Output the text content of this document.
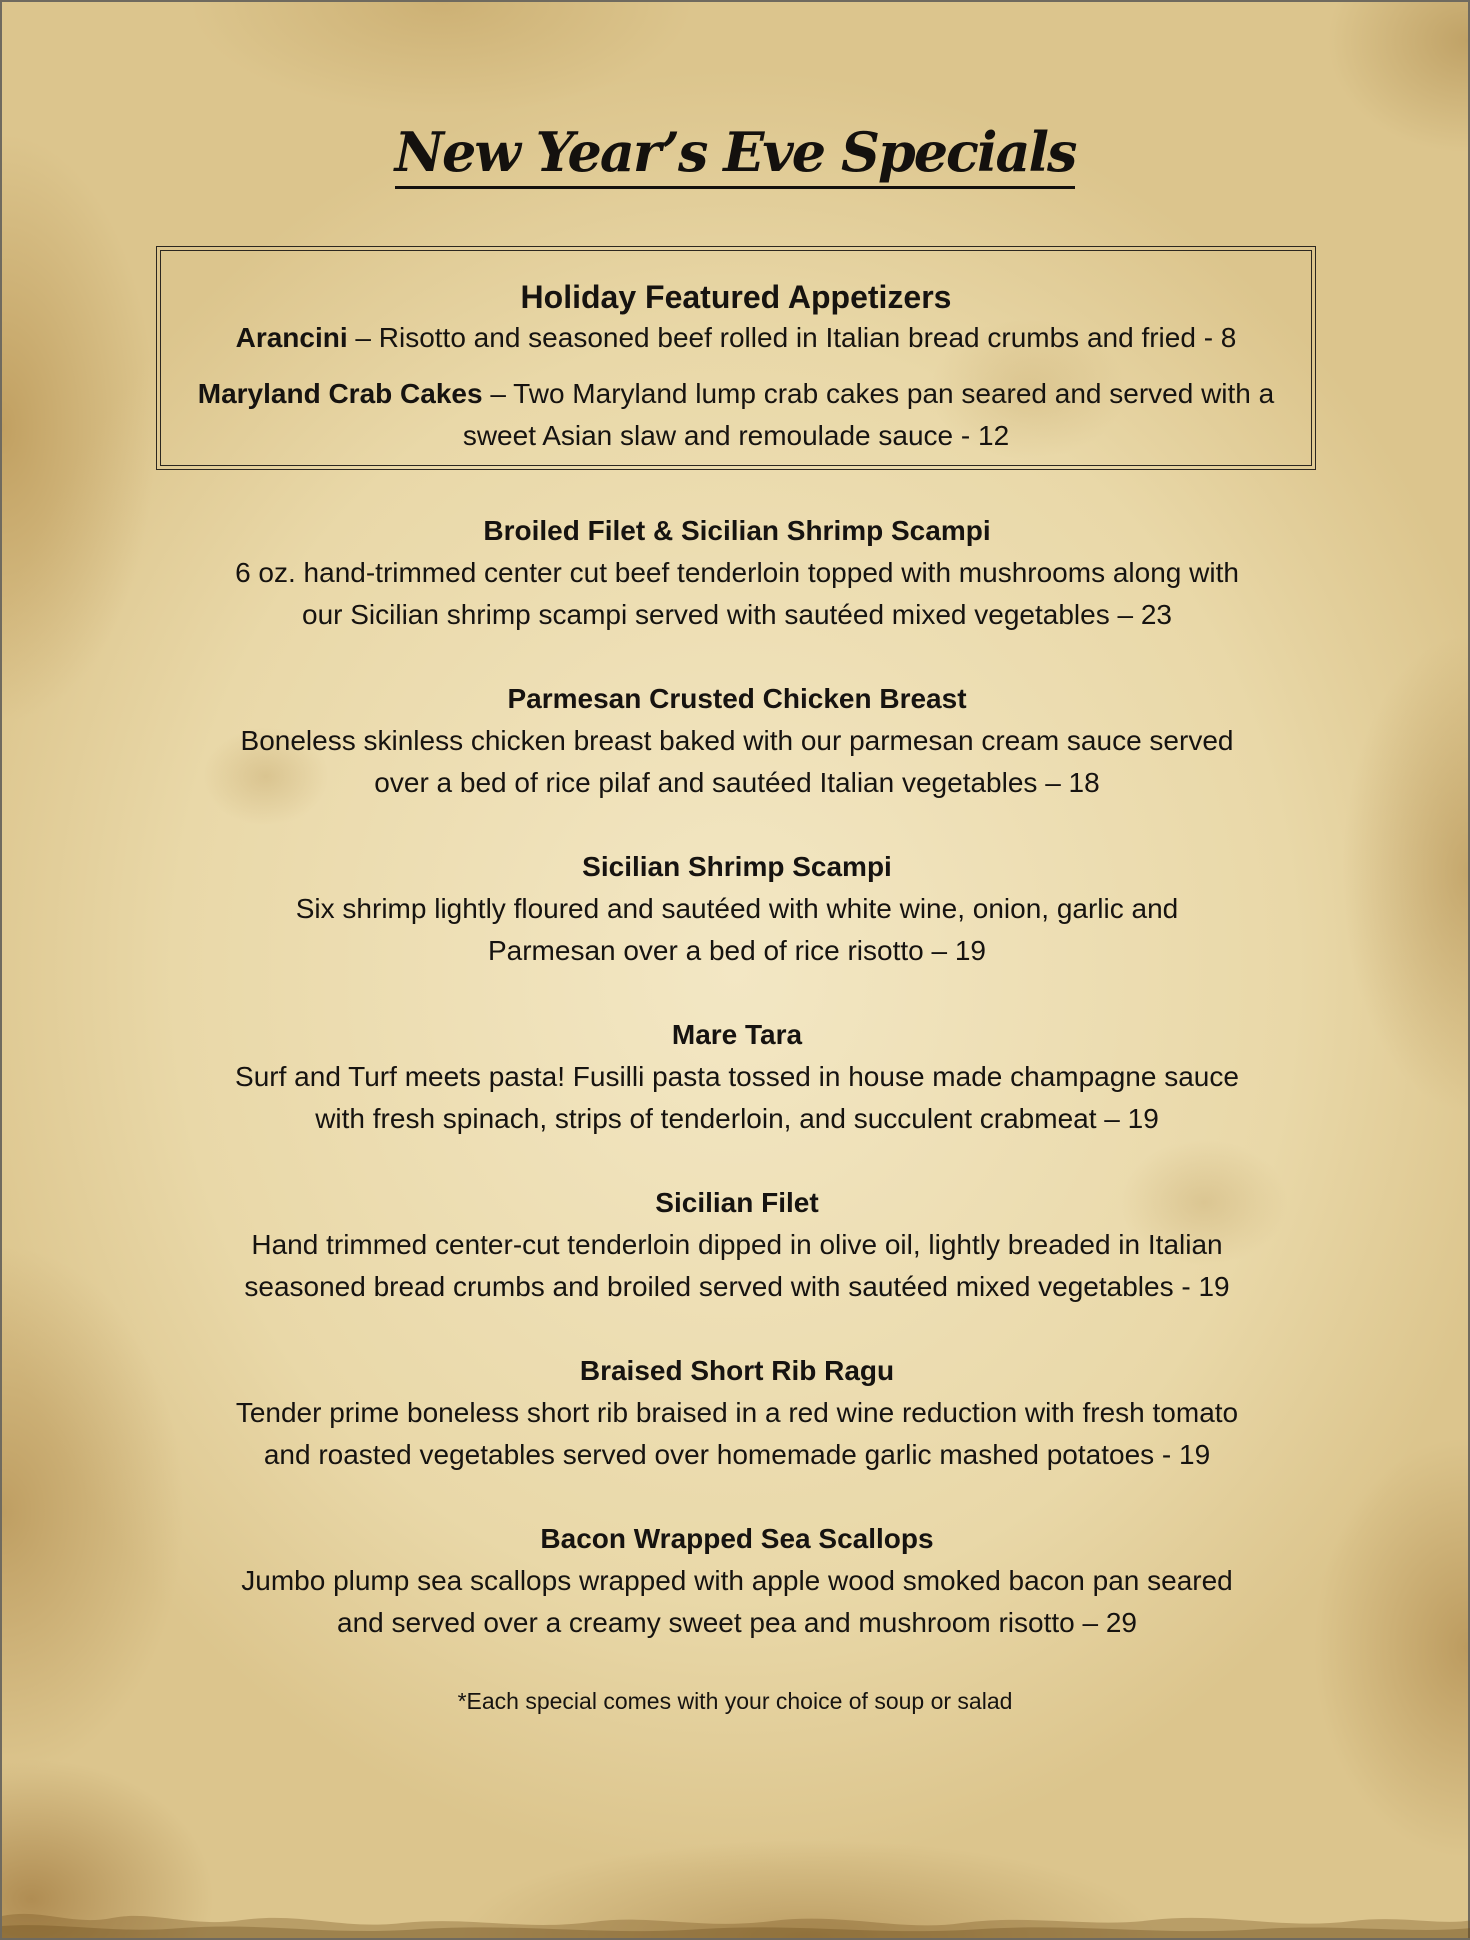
New Year’s Eve Specials
Holiday Featured Appetizers
Arancini – Risotto and seasoned beef rolled in Italian bread crumbs and fried - 8
Maryland Crab Cakes – Two Maryland lump crab cakes pan seared and served with a sweet Asian slaw and remoulade sauce - 12
Broiled Filet & Sicilian Shrimp Scampi
6 oz. hand-trimmed center cut beef tenderloin topped with mushrooms along with
our Sicilian shrimp scampi served with sautéed mixed vegetables – 23
Parmesan Crusted Chicken Breast
Boneless skinless chicken breast baked with our parmesan cream sauce served
over a bed of rice pilaf and sautéed Italian vegetables – 18
Sicilian Shrimp Scampi
Six shrimp lightly floured and sautéed with white wine, onion, garlic and
Parmesan over a bed of rice risotto – 19
Mare Tara
Surf and Turf meets pasta! Fusilli pasta tossed in house made champagne sauce
with fresh spinach, strips of tenderloin, and succulent crabmeat – 19
Sicilian Filet
Hand trimmed center-cut tenderloin dipped in olive oil, lightly breaded in Italian
seasoned bread crumbs and broiled served with sautéed mixed vegetables - 19
Braised Short Rib Ragu
Tender prime boneless short rib braised in a red wine reduction with fresh tomato
and roasted vegetables served over homemade garlic mashed potatoes - 19
Bacon Wrapped Sea Scallops
Jumbo plump sea scallops wrapped with apple wood smoked bacon pan seared
and served over a creamy sweet pea and mushroom risotto – 29
*Each special comes with your choice of soup or salad
